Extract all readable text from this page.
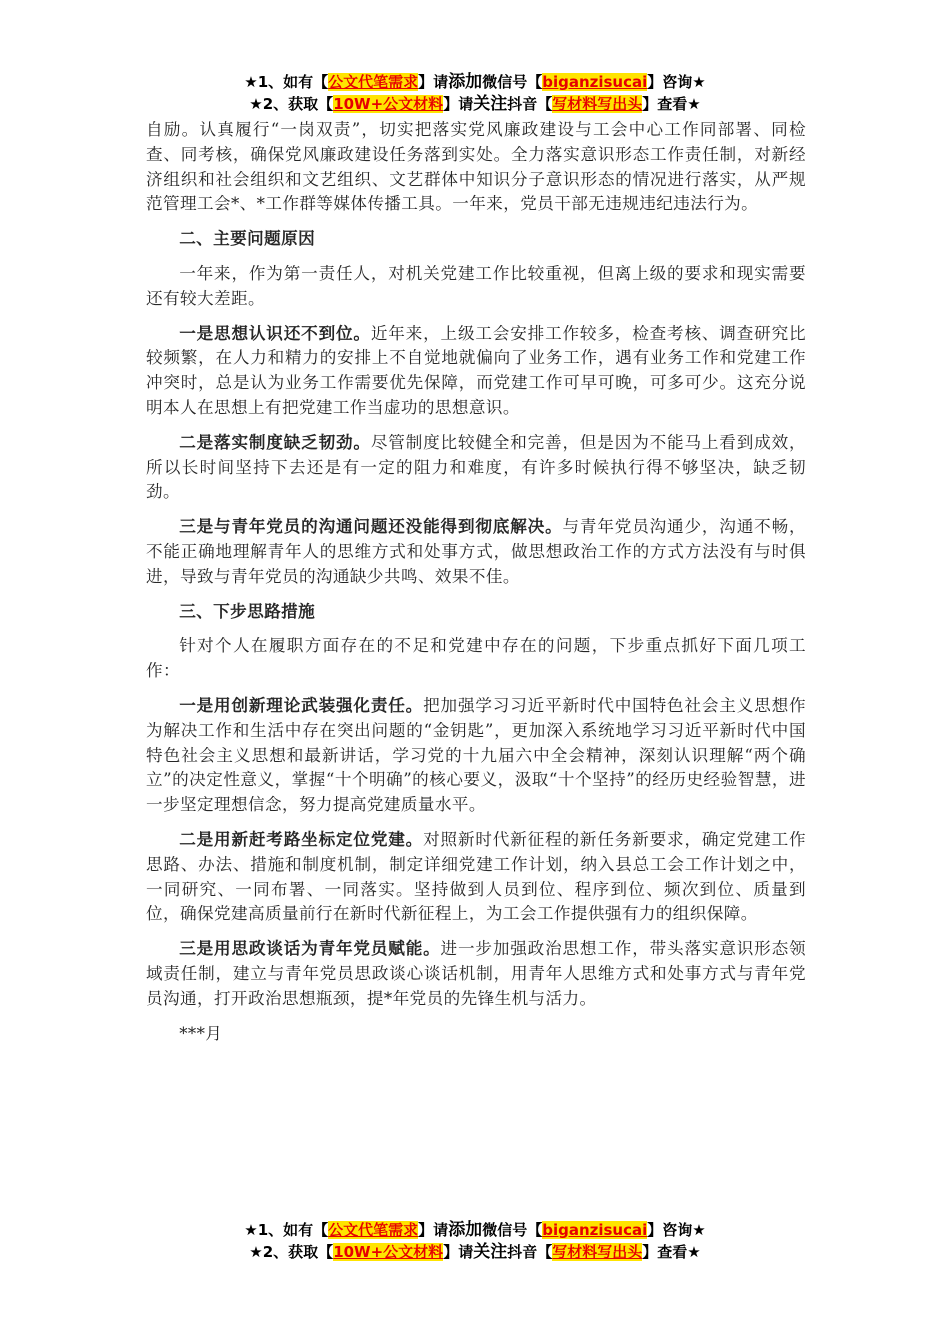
★1、如有【公文代笔需求】请添加微信号【biganzisucai】咨询★
★2、获取【10W+公文材料】请关注抖音【写材料写出头】查看★

自励。认真履行“一岗双责”，切实把落实党风廉政建设与工会中心工作同部署、同检查、同考核，确保党风廉政建设任务落到实处。全力落实意识形态工作责任制，对新经济组织和社会组织和文艺组织、文艺群体中知识分子意识形态的情况进行落实，从严规范管理工会*、*工作群等媒体传播工具。一年来，党员干部无违规违纪违法行为。

二、主要问题原因

一年来，作为第一责任人，对机关党建工作比较重视，但离上级的要求和现实需要还有较大差距。

一是思想认识还不到位。近年来，上级工会安排工作较多，检查考核、调查研究比较频繁，在人力和精力的安排上不自觉地就偏向了业务工作，遇有业务工作和党建工作冲突时，总是认为业务工作需要优先保障，而党建工作可早可晚，可多可少。这充分说明本人在思想上有把党建工作当虚功的思想意识。

二是落实制度缺乏韧劲。尽管制度比较健全和完善，但是因为不能马上看到成效，所以长时间坚持下去还是有一定的阻力和难度，有许多时候执行得不够坚决，缺乏韧劲。

三是与青年党员的沟通问题还没能得到彻底解决。与青年党员沟通少，沟通不畅，不能正确地理解青年人的思维方式和处事方式，做思想政治工作的方式方法没有与时俱进，导致与青年党员的沟通缺少共鸣、效果不佳。

三、下步思路措施

针对个人在履职方面存在的不足和党建中存在的问题，下步重点抓好下面几项工作：

一是用创新理论武装强化责任。把加强学习习近平新时代中国特色社会主义思想作为解决工作和生活中存在突出问题的“金钥匙”，更加深入系统地学习习近平新时代中国特色社会主义思想和最新讲话，学习党的十九届六中全会精神，深刻认识理解“两个确立”的决定性意义，掌握“十个明确”的核心要义，汲取“十个坚持”的经历史经验智慧，进一步坚定理想信念，努力提高党建质量水平。

二是用新赶考路坐标定位党建。对照新时代新征程的新任务新要求，确定党建工作思路、办法、措施和制度机制，制定详细党建工作计划，纳入县总工会工作计划之中，一同研究、一同布署、一同落实。坚持做到人员到位、程序到位、频次到位、质量到位，确保党建高质量前行在新时代新征程上，为工会工作提供强有力的组织保障。

三是用思政谈话为青年党员赋能。进一步加强政治思想工作，带头落实意识形态领域责任制，建立与青年党员思政谈心谈话机制，用青年人思维方式和处事方式与青年党员沟通，打开政治思想瓶颈，提*年党员的先锋生机与活力。

***月

★1、如有【公文代笔需求】请添加微信号【biganzisucai】咨询★
★2、获取【10W+公文材料】请关注抖音【写材料写出头】查看★
